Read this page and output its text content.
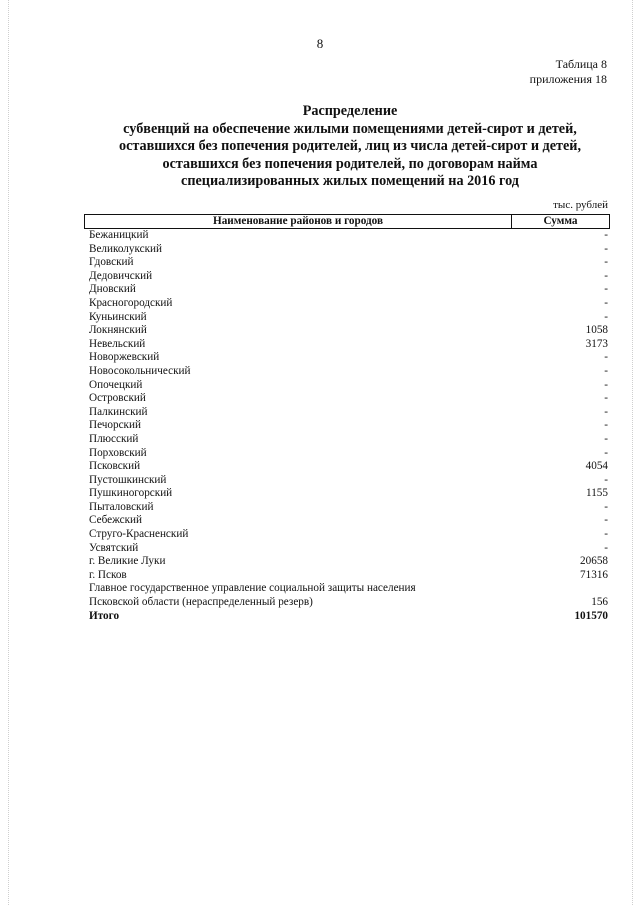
8
Таблица 8
приложения 18
Распределение
субвенций на обеспечение жилыми помещениями детей-сирот и детей,
оставшихся без попечения родителей, лиц из числа детей-сирот и детей,
оставшихся без попечения родителей, по договорам найма
специализированных жилых помещений на 2016 год
тыс. рублей
Наименование районов и городов	Сумма
Бежаницкий	-
Великолукский	-
Гдовский	-
Дедовичский	-
Дновский	-
Красногородский	-
Куньинский	-
Локнянский	1058
Невельский	3173
Новоржевский	-
Новосокольнический	-
Опочецкий	-
Островский	-
Палкинский	-
Печорский	-
Плюсский	-
Порховский	-
Псковский	4054
Пустошкинский	-
Пушкиногорский	1155
Пыталовский	-
Себежский	-
Струго-Красненский	-
Усвятский	-
г. Великие Луки	20658
г. Псков	71316
Главное государственное управление социальной защиты населения
Псковской области (нераспределенный резерв)	156
Итого	101570
